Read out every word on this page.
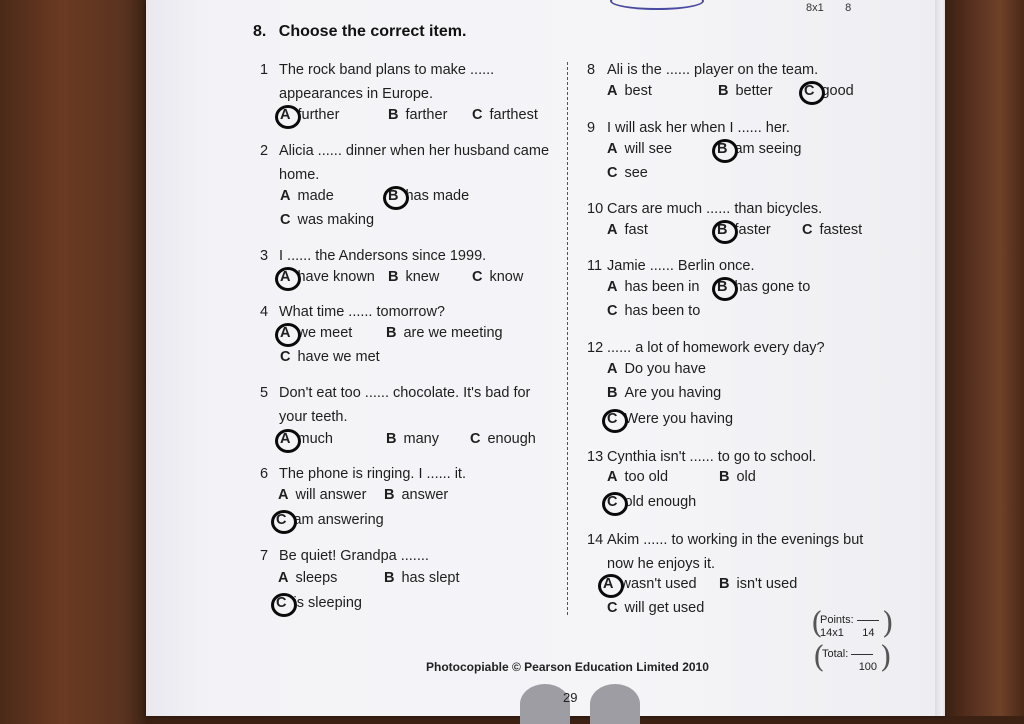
8x1 8
8. Choose the correct item.
1 The rock band plans to make ......
appearances in Europe.
A further	B farther C farthest
2 Alicia ...... dinner when her husband came
home.
A made	B has made
C was making
3 I ...... the Andersons since 1999.
A have known B knew C know
4 What time ...... tomorrow?
A we meet B are we meeting
C have we met
5 Don't eat too ...... chocolate. It's bad for
your teeth.
A much	B many C enough
6 The phone is ringing. I ...... it.
A will answer B answer
C am answering
7 Be quiet! Grandpa .......
A sleeps	B has slept
C is sleeping
8 Ali is the ...... player on the team.
A best	B better C good
9 I will ask her when I ...... her.
A will see	B am seeing
C see
10 Cars are much ...... than bicycles.
A fast	B faster C fastest
11 Jamie ...... Berlin once.
A has been in B has gone to
C has been to
12 ...... a lot of homework every day?
A Do you have
B Are you having
C Were you having
13 Cynthia isn't ...... to go to school.
A too old	B old
C old enough
14 Akim ...... to working in the evenings but
now he enjoys it.
A wasn't used B isn't used
C will get used	(
Points:
14x1 14 )
(
Total:
100 )
Photocopiable © Pearson Education Limited 2010
29
